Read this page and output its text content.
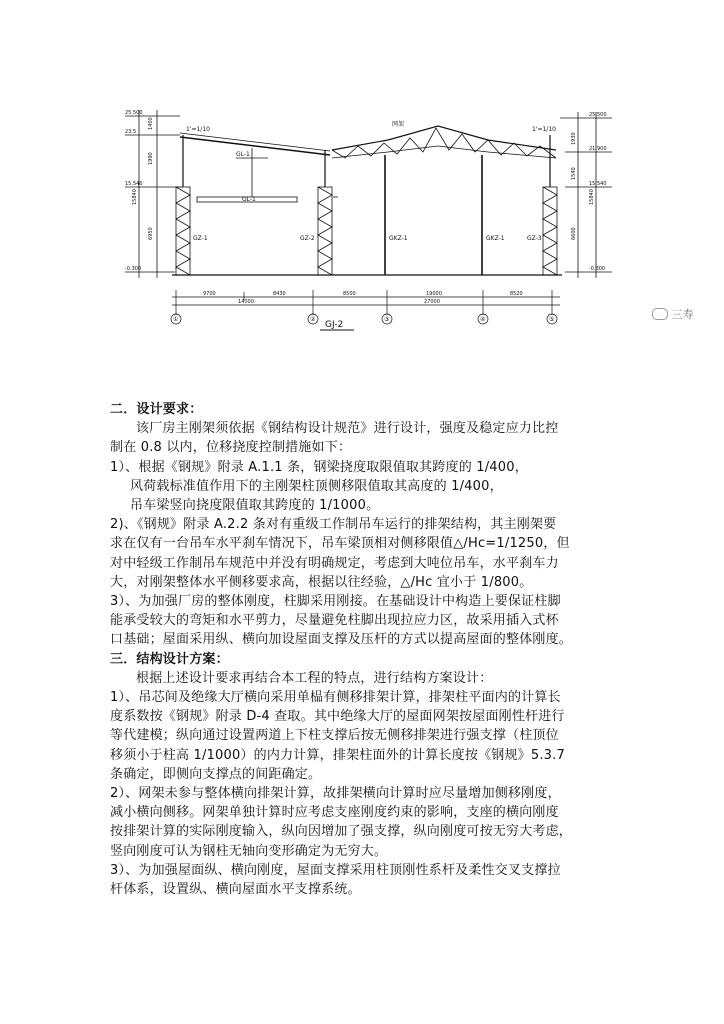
25.500
23.5
15.540
-0.300
1400
1990
6950
15840
25.500
21.900
15.540
-0.300
1930
1540
6600
15840
GZ-1	GZ-2	GKZ-1	GKZ-1	GZ-3
GL-1
GL-1
1'=1/10	1'=1/10
网架
9700	8430	8500	19000	8520
14000	27000
①	②	③	④	⑤
GJ-2
三寿
二．设计要求：
该厂房主刚架须依据《钢结构设计规范》进行设计，强度及稳定应力比控
制在 0.8 以内，位移挠度控制措施如下：
1）、根据《钢规》附录 A.1.1 条，钢梁挠度取限值取其跨度的 1/400，
风荷载标准值作用下的主刚架柱顶侧移限值取其高度的 1/400，
吊车梁竖向挠度限值取其跨度的 1/1000。
2)、《钢规》附录 A.2.2 条对有重级工作制吊车运行的排架结构，其主刚架要
求在仅有一台吊车水平刹车情况下，吊车梁顶相对侧移限值△/Hc=1/1250，但
对中轻级工作制吊车规范中并没有明确规定，考虑到大吨位吊车，水平刹车力
大，对刚架整体水平侧移要求高，根据以往经验，△/Hc 宜小于 1/800。
3）、为加强厂房的整体刚度，柱脚采用刚接。在基础设计中构造上要保证柱脚
能承受较大的弯矩和水平剪力，尽量避免柱脚出现拉应力区，故采用插入式杯
口基础；屋面采用纵、横向加设屋面支撑及压杆的方式以提高屋面的整体刚度。
三．结构设计方案：
根据上述设计要求再结合本工程的特点，进行结构方案设计：
1）、吊芯间及绝缘大厅横向采用单榀有侧移排架计算，排架柱平面内的计算长
度系数按《钢规》附录 D-4 查取。其中绝缘大厅的屋面网架按屋面刚性杆进行
等代建模；纵向通过设置两道上下柱支撑后按无侧移排架进行强支撑（柱顶位
移须小于柱高 1/1000）的内力计算，排架柱面外的计算长度按《钢规》5.3.7
条确定，即侧向支撑点的间距确定。
2）、网架未参与整体横向排架计算，故排架横向计算时应尽量增加侧移刚度，
减小横向侧移。网架单独计算时应考虑支座刚度约束的影响，支座的横向刚度
按排架计算的实际刚度输入，纵向因增加了强支撑，纵向刚度可按无穷大考虑，
竖向刚度可认为钢柱无轴向变形确定为无穷大。
3）、为加强屋面纵、横向刚度，屋面支撑采用柱顶刚性系杆及柔性交叉支撑拉
杆体系，设置纵、横向屋面水平支撑系统。
